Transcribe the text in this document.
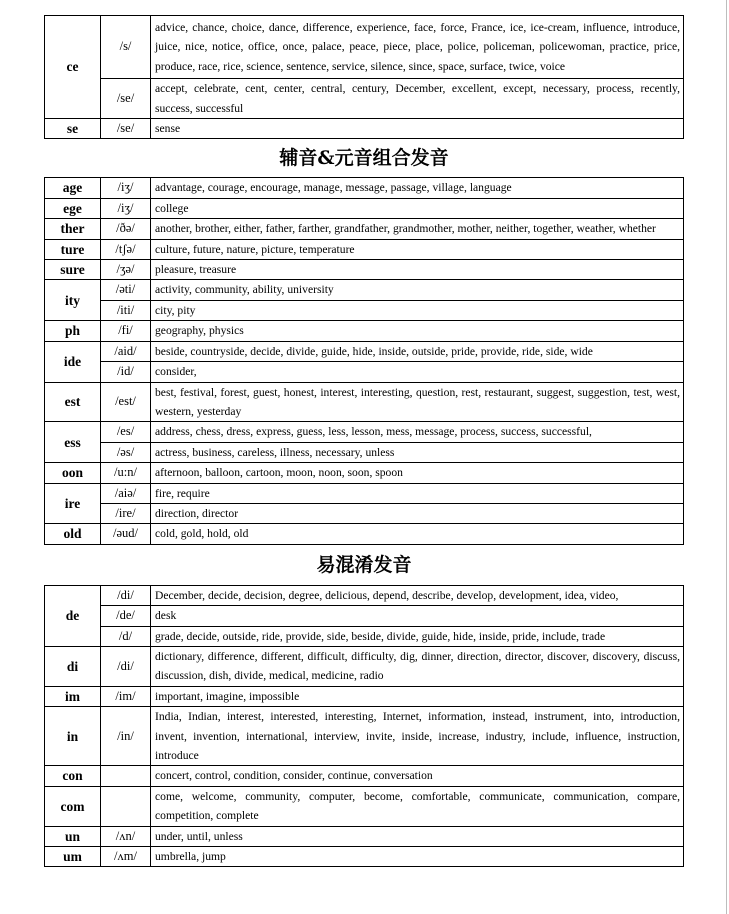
ce	/s/	advice, chance, choice, dance, difference, experience, face, force, France, ice, ice-cream, influence, introduce, juice, nice, notice, office, once, palace, peace, piece, place, police, policeman, policewoman, practice, price, produce, race, rice, science, sentence, service, silence, since, space, surface, twice, voice
	/se/	accept, celebrate, cent, center, central, century, December, excellent, except, necessary, process, recently, success, successful
se	/se/	sense
辅音&元音组合发音
age	/iʒ/	advantage, courage, encourage, manage, message, passage, village, language
ege	/iʒ/	college
ther	/ðə/	another, brother, either, father, farther, grandfather, grandmother, mother, neither, together, weather, whether
ture	/tʃə/	culture, future, nature, picture, temperature
sure	/ʒə/	pleasure, treasure
ity	/əti/	activity, community, ability, university
	/iti/	city, pity
ph	/fi/	geography, physics
ide	/aid/	beside, countryside, decide, divide, guide, hide, inside, outside, pride, provide, ride, side, wide
	/id/	consider,
est	/est/	best, festival, forest, guest, honest, interest, interesting, question, rest, restaurant, suggest, suggestion, test, west, western, yesterday
ess	/es/	address, chess, dress, express, guess, less, lesson, mess, message, process, success, successful,
	/əs/	actress, business, careless, illness, necessary, unless
oon	/u:n/	afternoon, balloon, cartoon, moon, noon, soon, spoon
ire	/aiə/	fire, require
	/ire/	direction, director
old	/əud/	cold, gold, hold, old
易混淆发音
de	/di/	December, decide, decision, degree, delicious, depend, describe, develop, development, idea, video,
	/de/	desk
	/d/	grade, decide, outside, ride, provide, side, beside, divide, guide, hide, inside, pride, include, trade
di	/di/	dictionary, difference, different, difficult, difficulty, dig, dinner, direction, director, discover, discovery, discuss, discussion, dish, divide, medical, medicine, radio
im	/im/	important, imagine, impossible
in	/in/	India, Indian, interest, interested, interesting, Internet, information, instead, instrument, into, introduction, invent, invention, international, interview, invite, inside, increase, industry, include, influence, instruction, introduce
con		concert, control, condition, consider, continue, conversation
com		come, welcome, community, computer, become, comfortable, communicate, communication, compare, competition, complete
un	/ʌn/	under, until, unless
um	/ʌm/	umbrella, jump
